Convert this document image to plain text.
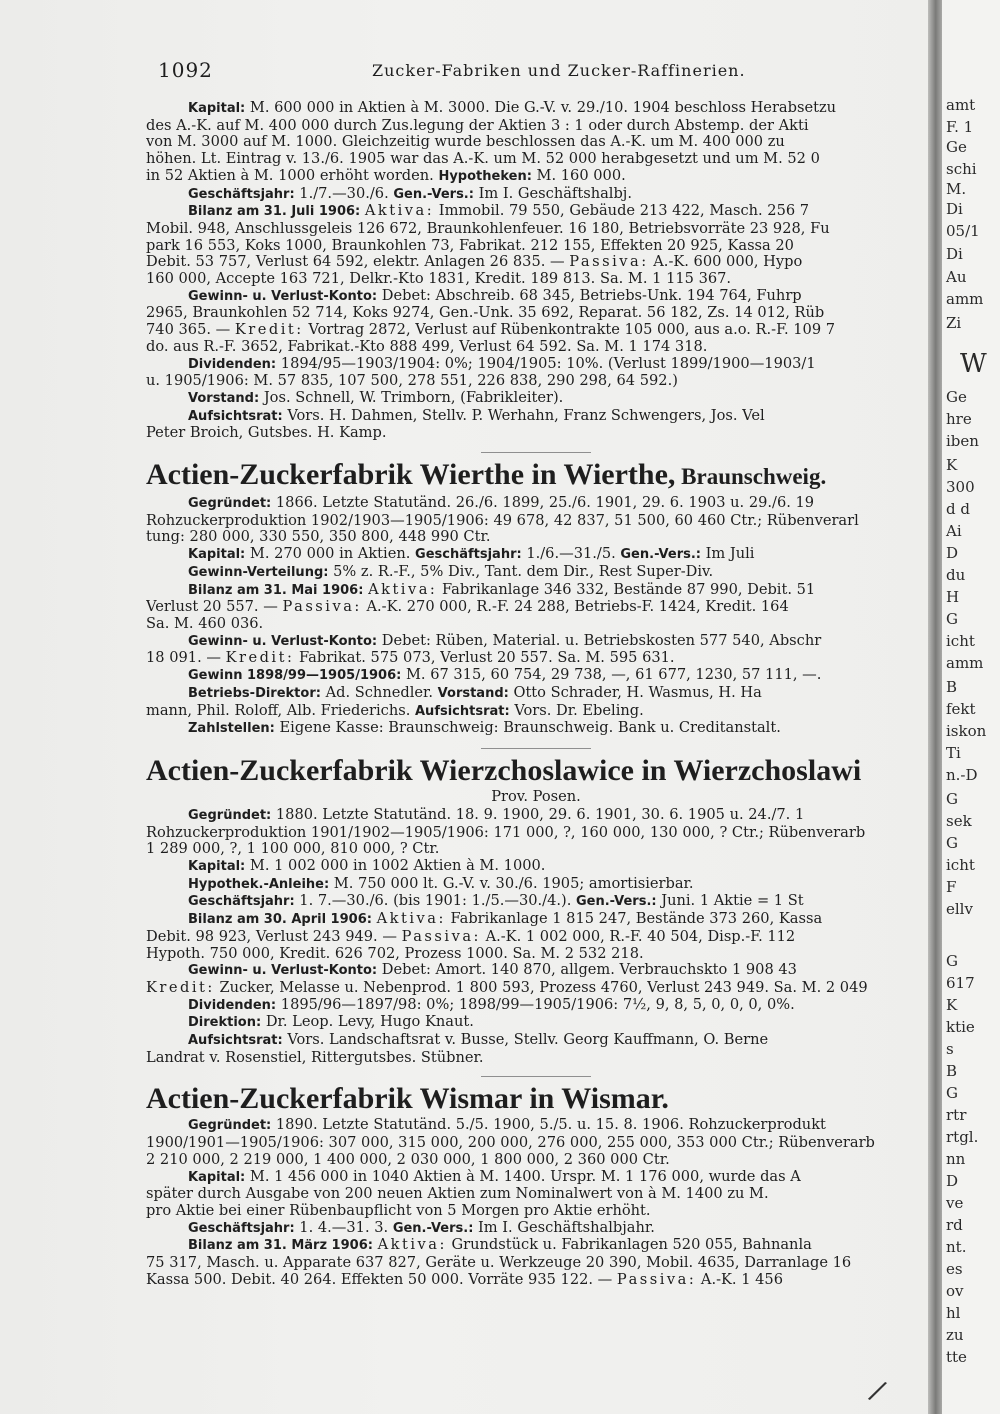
1092	Zucker-Fabriken und Zucker-Raffinerien.
Kapital: M. 600 000 in Aktien à M. 3000. Die G.-V. v. 29./10. 1904 beschloss Herabsetzu
des A.-K. auf M. 400 000 durch Zus.legung der Aktien 3 : 1 oder durch Abstemp. der Akti
von M. 3000 auf M. 1000. Gleichzeitig wurde beschlossen das A.-K. um M. 400 000 zu
höhen. Lt. Eintrag v. 13./6. 1905 war das A.-K. um M. 52 000 herabgesetzt und um M. 52 0
in 52 Aktien à M. 1000 erhöht worden. Hypotheken: M. 160 000.
Geschäftsjahr: 1./7.—30./6. Gen.-Vers.: Im I. Geschäftshalbj.
Bilanz am 31. Juli 1906: Aktiva: Immobil. 79 550, Gebäude 213 422, Masch. 256 7
Mobil. 948, Anschlussgeleis 126 672, Braunkohlenfeuer. 16 180, Betriebsvorräte 23 928, Fu
park 16 553, Koks 1000, Braunkohlen 73, Fabrikat. 212 155, Effekten 20 925, Kassa 20
Debit. 53 757, Verlust 64 592, elektr. Anlagen 26 835. — Passiva: A.-K. 600 000, Hypo
160 000, Accepte 163 721, Delkr.-Kto 1831, Kredit. 189 813. Sa. M. 1 115 367.
Gewinn- u. Verlust-Konto: Debet: Abschreib. 68 345, Betriebs-Unk. 194 764, Fuhrp
2965, Braunkohlen 52 714, Koks 9274, Gen.-Unk. 35 692, Reparat. 56 182, Zs. 14 012, Rüb
740 365. — Kredit: Vortrag 2872, Verlust auf Rübenkontrakte 105 000, aus a.o. R.-F. 109 7
do. aus R.-F. 3652, Fabrikat.-Kto 888 499, Verlust 64 592. Sa. M. 1 174 318.
Dividenden: 1894/95—1903/1904: 0%; 1904/1905: 10%. (Verlust 1899/1900—1903/1
u. 1905/1906: M. 57 835, 107 500, 278 551, 226 838, 290 298, 64 592.)
Vorstand: Jos. Schnell, W. Trimborn, (Fabrikleiter).
Aufsichtsrat: Vors. H. Dahmen, Stellv. P. Werhahn, Franz Schwengers, Jos. Vel
Peter Broich, Gutsbes. H. Kamp.
Actien-Zuckerfabrik Wierthe in Wierthe, Braunschweig.
Gegründet: 1866. Letzte Statutänd. 26./6. 1899, 25./6. 1901, 29. 6. 1903 u. 29./6. 19
Rohzuckerproduktion 1902/1903—1905/1906: 49 678, 42 837, 51 500, 60 460 Ctr.; Rübenverarl
tung: 280 000, 330 550, 350 800, 448 990 Ctr.
Kapital: M. 270 000 in Aktien. Geschäftsjahr: 1./6.—31./5. Gen.-Vers.: Im Juli
Gewinn-Verteilung: 5% z. R.-F., 5% Div., Tant. dem Dir., Rest Super-Div.
Bilanz am 31. Mai 1906: Aktiva: Fabrikanlage 346 332, Bestände 87 990, Debit. 51
Verlust 20 557. — Passiva: A.-K. 270 000, R.-F. 24 288, Betriebs-F. 1424, Kredit. 164
Sa. M. 460 036.
Gewinn- u. Verlust-Konto: Debet: Rüben, Material. u. Betriebskosten 577 540, Abschr
18 091. — Kredit: Fabrikat. 575 073, Verlust 20 557. Sa. M. 595 631.
Gewinn 1898/99—1905/1906: M. 67 315, 60 754, 29 738, —, 61 677, 1230, 57 111, —.
Betriebs-Direktor: Ad. Schnedler. Vorstand: Otto Schrader, H. Wasmus, H. Ha
mann, Phil. Roloff, Alb. Friederichs. Aufsichtsrat: Vors. Dr. Ebeling.
Zahlstellen: Eigene Kasse: Braunschweig: Braunschweig. Bank u. Creditanstalt.
Actien-Zuckerfabrik Wierzchoslawice in Wierzchoslawi
Prov. Posen.
Gegründet: 1880. Letzte Statutänd. 18. 9. 1900, 29. 6. 1901, 30. 6. 1905 u. 24./7. 1
Rohzuckerproduktion 1901/1902—1905/1906: 171 000, ?, 160 000, 130 000, ? Ctr.; Rübenverarb
1 289 000, ?, 1 100 000, 810 000, ? Ctr.
Kapital: M. 1 002 000 in 1002 Aktien à M. 1000.
Hypothek.-Anleihe: M. 750 000 lt. G.-V. v. 30./6. 1905; amortisierbar.
Geschäftsjahr: 1. 7.—30./6. (bis 1901: 1./5.—30./4.). Gen.-Vers.: Juni. 1 Aktie = 1 St
Bilanz am 30. April 1906: Aktiva: Fabrikanlage 1 815 247, Bestände 373 260, Kassa
Debit. 98 923, Verlust 243 949. — Passiva: A.-K. 1 002 000, R.-F. 40 504, Disp.-F. 112
Hypoth. 750 000, Kredit. 626 702, Prozess 1000. Sa. M. 2 532 218.
Gewinn- u. Verlust-Konto: Debet: Amort. 140 870, allgem. Verbrauchskto 1 908 43
Kredit: Zucker, Melasse u. Nebenprod. 1 800 593, Prozess 4760, Verlust 243 949. Sa. M. 2 049
Dividenden: 1895/96—1897/98: 0%; 1898/99—1905/1906: 7½, 9, 8, 5, 0, 0, 0, 0%.
Direktion: Dr. Leop. Levy, Hugo Knaut.
Aufsichtsrat: Vors. Landschaftsrat v. Busse, Stellv. Georg Kauffmann, O. Berne
Landrat v. Rosenstiel, Rittergutsbes. Stübner.
Actien-Zuckerfabrik Wismar in Wismar.
Gegründet: 1890. Letzte Statutänd. 5./5. 1900, 5./5. u. 15. 8. 1906. Rohzuckerprodukt
1900/1901—1905/1906: 307 000, 315 000, 200 000, 276 000, 255 000, 353 000 Ctr.; Rübenverarb
2 210 000, 2 219 000, 1 400 000, 2 030 000, 1 800 000, 2 360 000 Ctr.
Kapital: M. 1 456 000 in 1040 Aktien à M. 1400. Urspr. M. 1 176 000, wurde das A
später durch Ausgabe von 200 neuen Aktien zum Nominalwert von à M. 1400 zu M.
pro Aktie bei einer Rübenbaupflicht von 5 Morgen pro Aktie erhöht.
Geschäftsjahr: 1. 4.—31. 3. Gen.-Vers.: Im I. Geschäftshalbjahr.
Bilanz am 31. März 1906: Aktiva: Grundstück u. Fabrikanlagen 520 055, Bahnanla
75 317, Masch. u. Apparate 637 827, Geräte u. Werkzeuge 20 390, Mobil. 4635, Darranlage 16
Kassa 500. Debit. 40 264. Effekten 50 000. Vorräte 935 122. — Passiva: A.-K. 1 456
amt
F. 1
Ge
schi
M.
Di
05/1
Di
Au
amm
Zi
W
Ge
hre
iben
K
300
d d
Ai
D
du
H
G
icht
amm
B
fekt
iskon
Ti
n.-D
G
sek
G
icht
F
ellv
G
617
K
ktie
s
B
G
rtr
rtgl.
nn
D
ve
rd
nt.
es
ov
hl
zu
tte
/
